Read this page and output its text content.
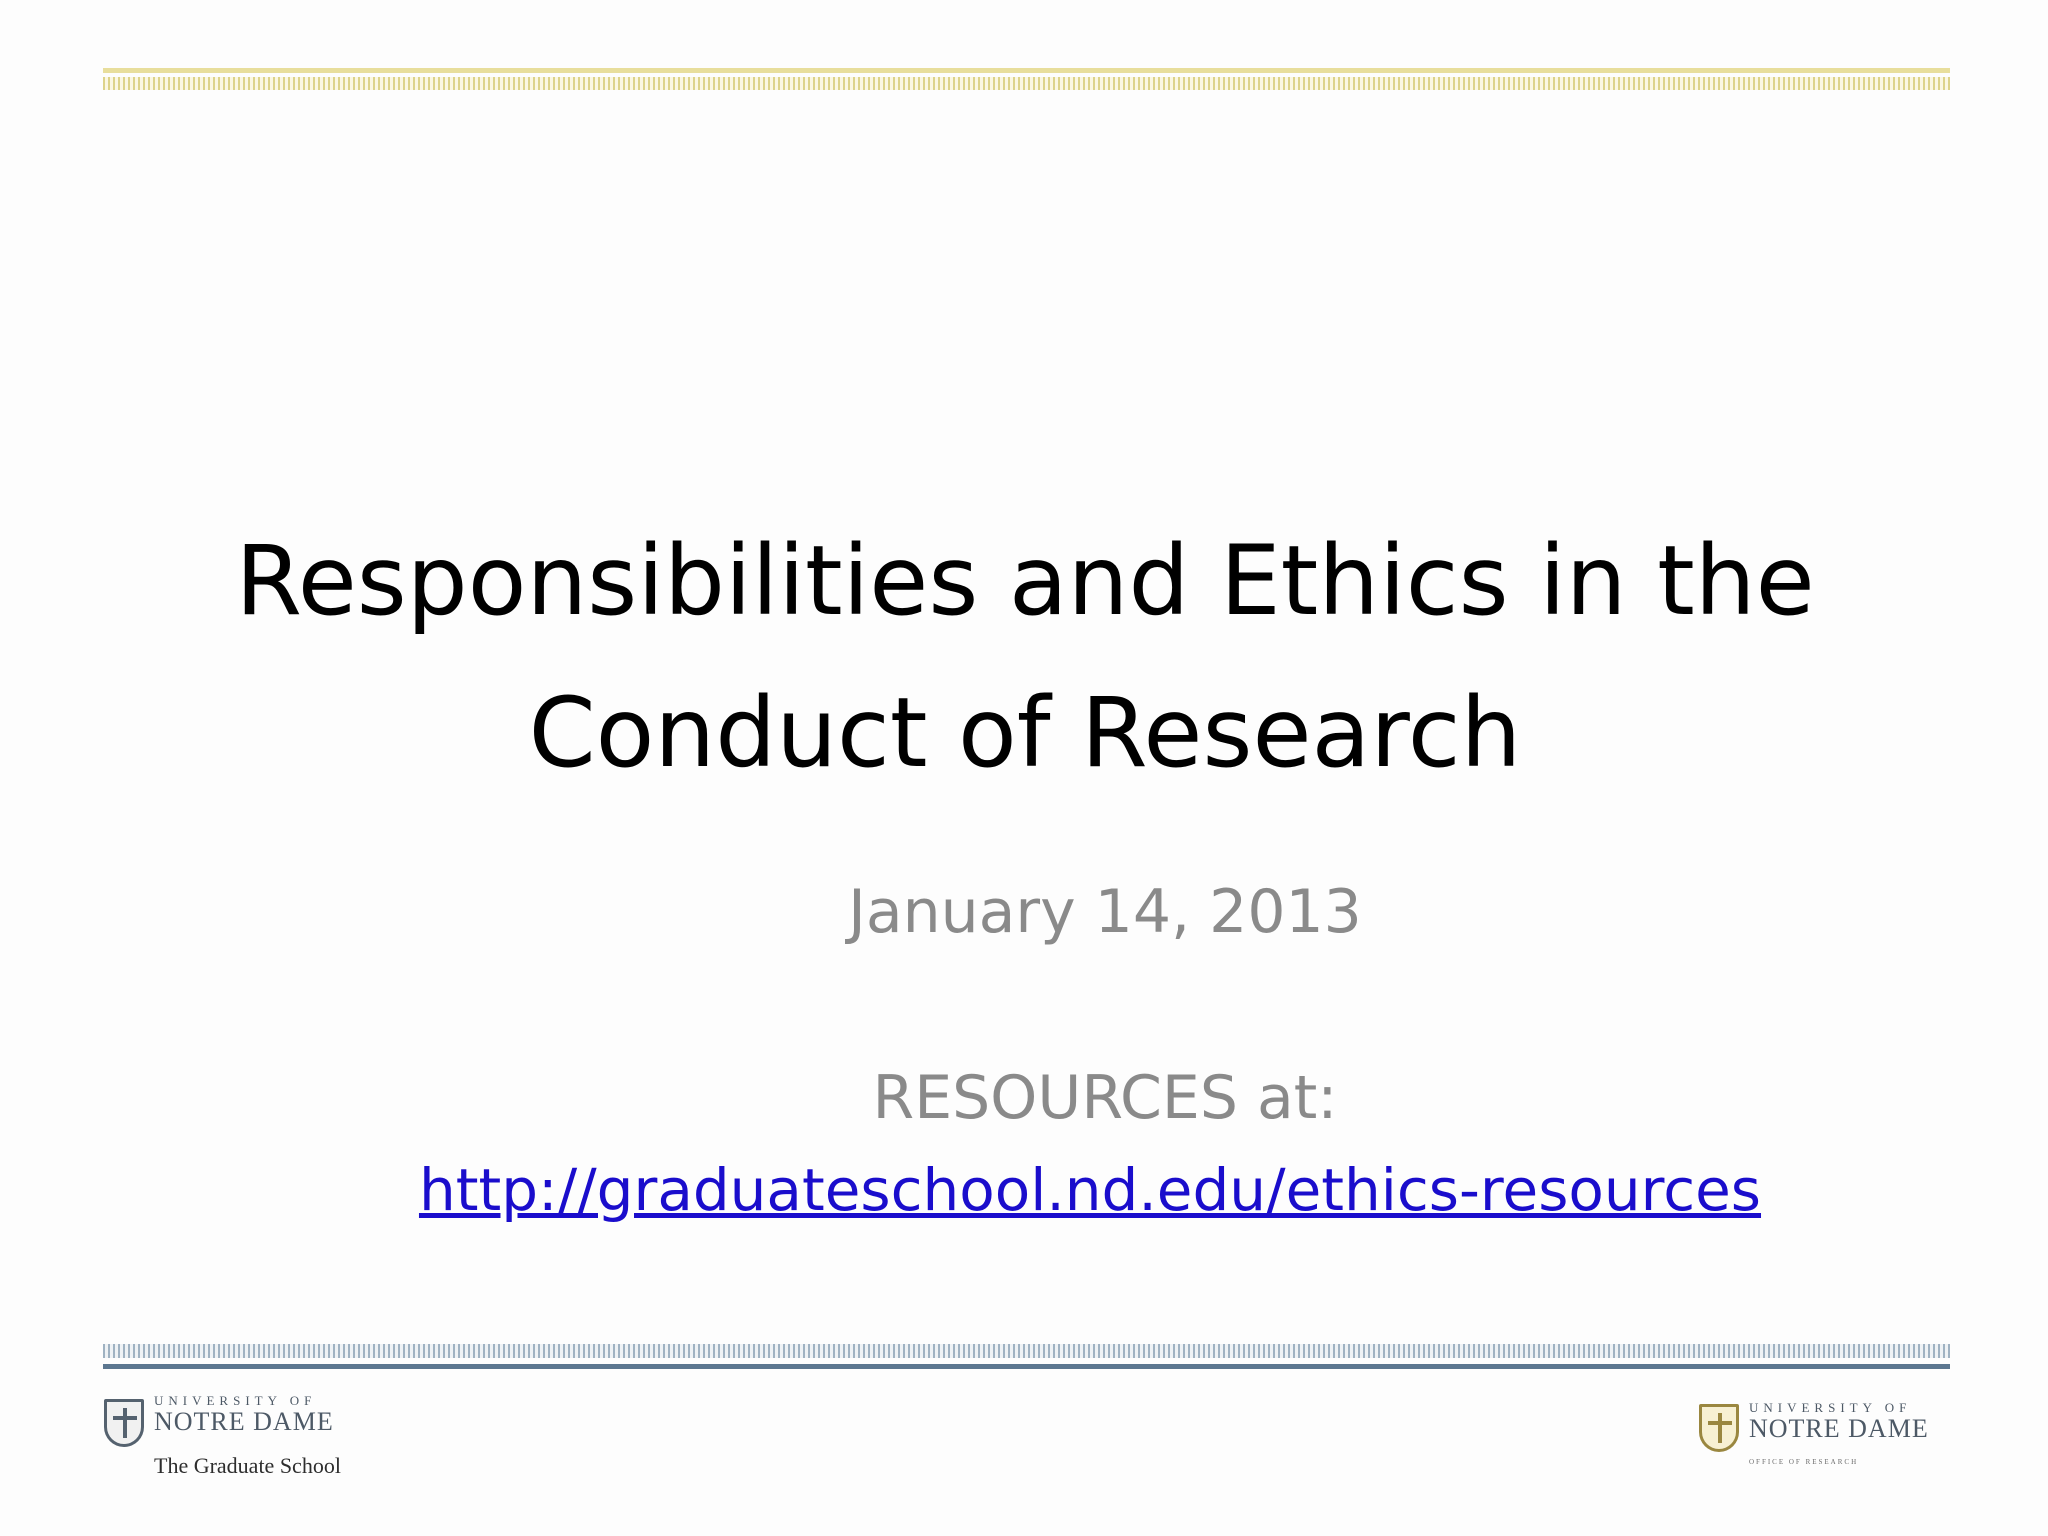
Responsibilities and Ethics in the
Conduct of Research
January 14, 2013
RESOURCES at:
http://graduateschool.nd.edu/ethics-resources
UNIVERSITY OF
NOTRE DAME
The Graduate School
UNIVERSITY OF
NOTRE DAME
OFFICE OF RESEARCH
